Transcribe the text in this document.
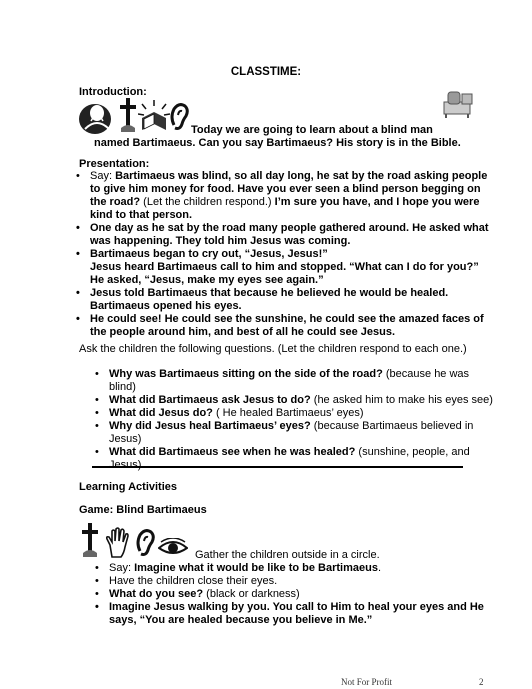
CLASSTIME:
Introduction:
Today we are going to learn about a blind man
named Bartimaeus. Can you say Bartimaeus? His story is in the Bible.
Presentation:
• Say: Bartimaeus was blind, so all day long, he sat by the road asking people to give him money for food. Have you ever seen a blind person begging on the road? (Let the children respond.) I’m sure you have, and I hope you were kind to that person.
• One day as he sat by the road many people gathered around. He asked what was happening. They told him Jesus was coming.
• Bartimaeus began to cry out, “Jesus, Jesus!”
Jesus heard Bartimaeus call to him and stopped. “What can I do for you?”
He asked, “Jesus, make my eyes see again.”
• Jesus told Bartimaeus that because he believed he would be healed. Bartimaeus opened his eyes.
• He could see! He could see the sunshine, he could see the amazed faces of the people around him, and best of all he could see Jesus.
Ask the children the following questions. (Let the children respond to each one.)
• Why was Bartimaeus sitting on the side of the road? (because he was blind)
• What did Bartimaeus ask Jesus to do? (he asked him to make his eyes see)
• What did Jesus do? ( He healed Bartimaeus’ eyes)
• Why did Jesus heal Bartimaeus’ eyes? (because Bartimaeus believed in Jesus)
• What did Bartimaeus see when he was healed? (sunshine, people, and Jesus)
Learning Activities
Game: Blind Bartimaeus
Gather the children outside in a circle.
• Say: Imagine what it would be like to be Bartimaeus.
• Have the children close their eyes.
• What do you see? (black or darkness)
• Imagine Jesus walking by you. You call to Him to heal your eyes and He says, “You are healed because you believe in Me.”
Not For Profit	2
